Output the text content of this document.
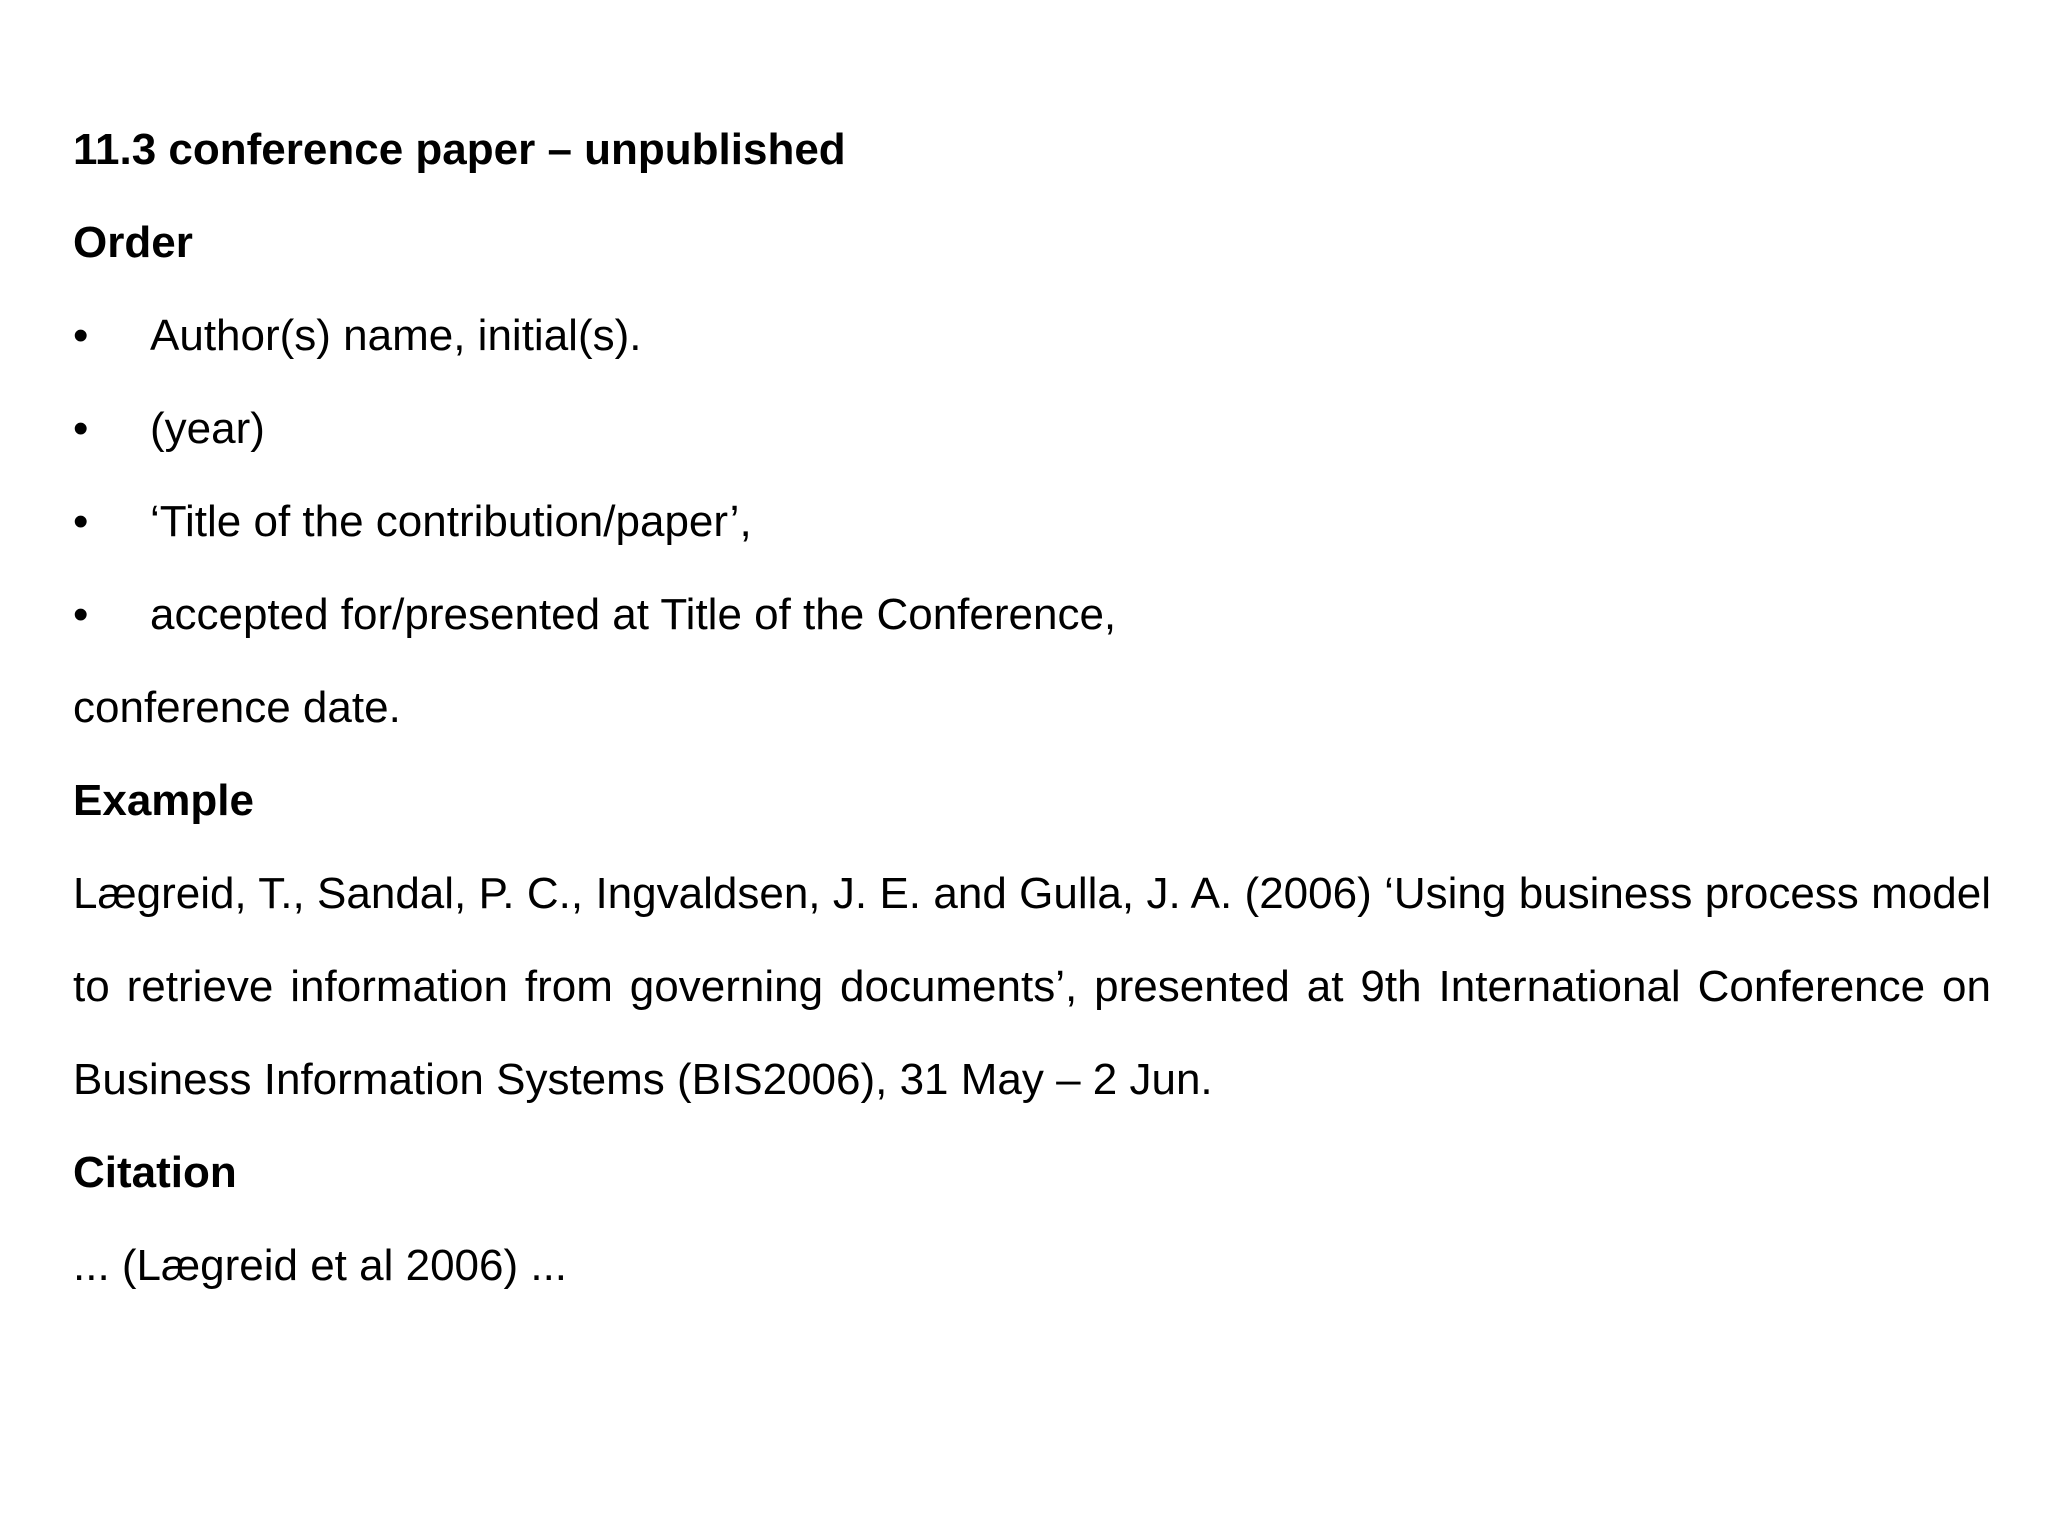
11.3 conference paper – unpublished

Order

•	Author(s) name, initial(s).
•	(year)
•	‘Title of the contribution/paper’,
•	accepted for/presented at Title of the Conference,

conference date.

Example

Lægreid, T., Sandal, P. C., Ingvaldsen, J. E. and Gulla, J. A. (2006) ‘Using business process model to retrieve information from governing documents’, presented at 9th International Conference on Business Information Systems (BIS2006), 31 May – 2 Jun.

Citation

... (Lægreid et al 2006) ...
